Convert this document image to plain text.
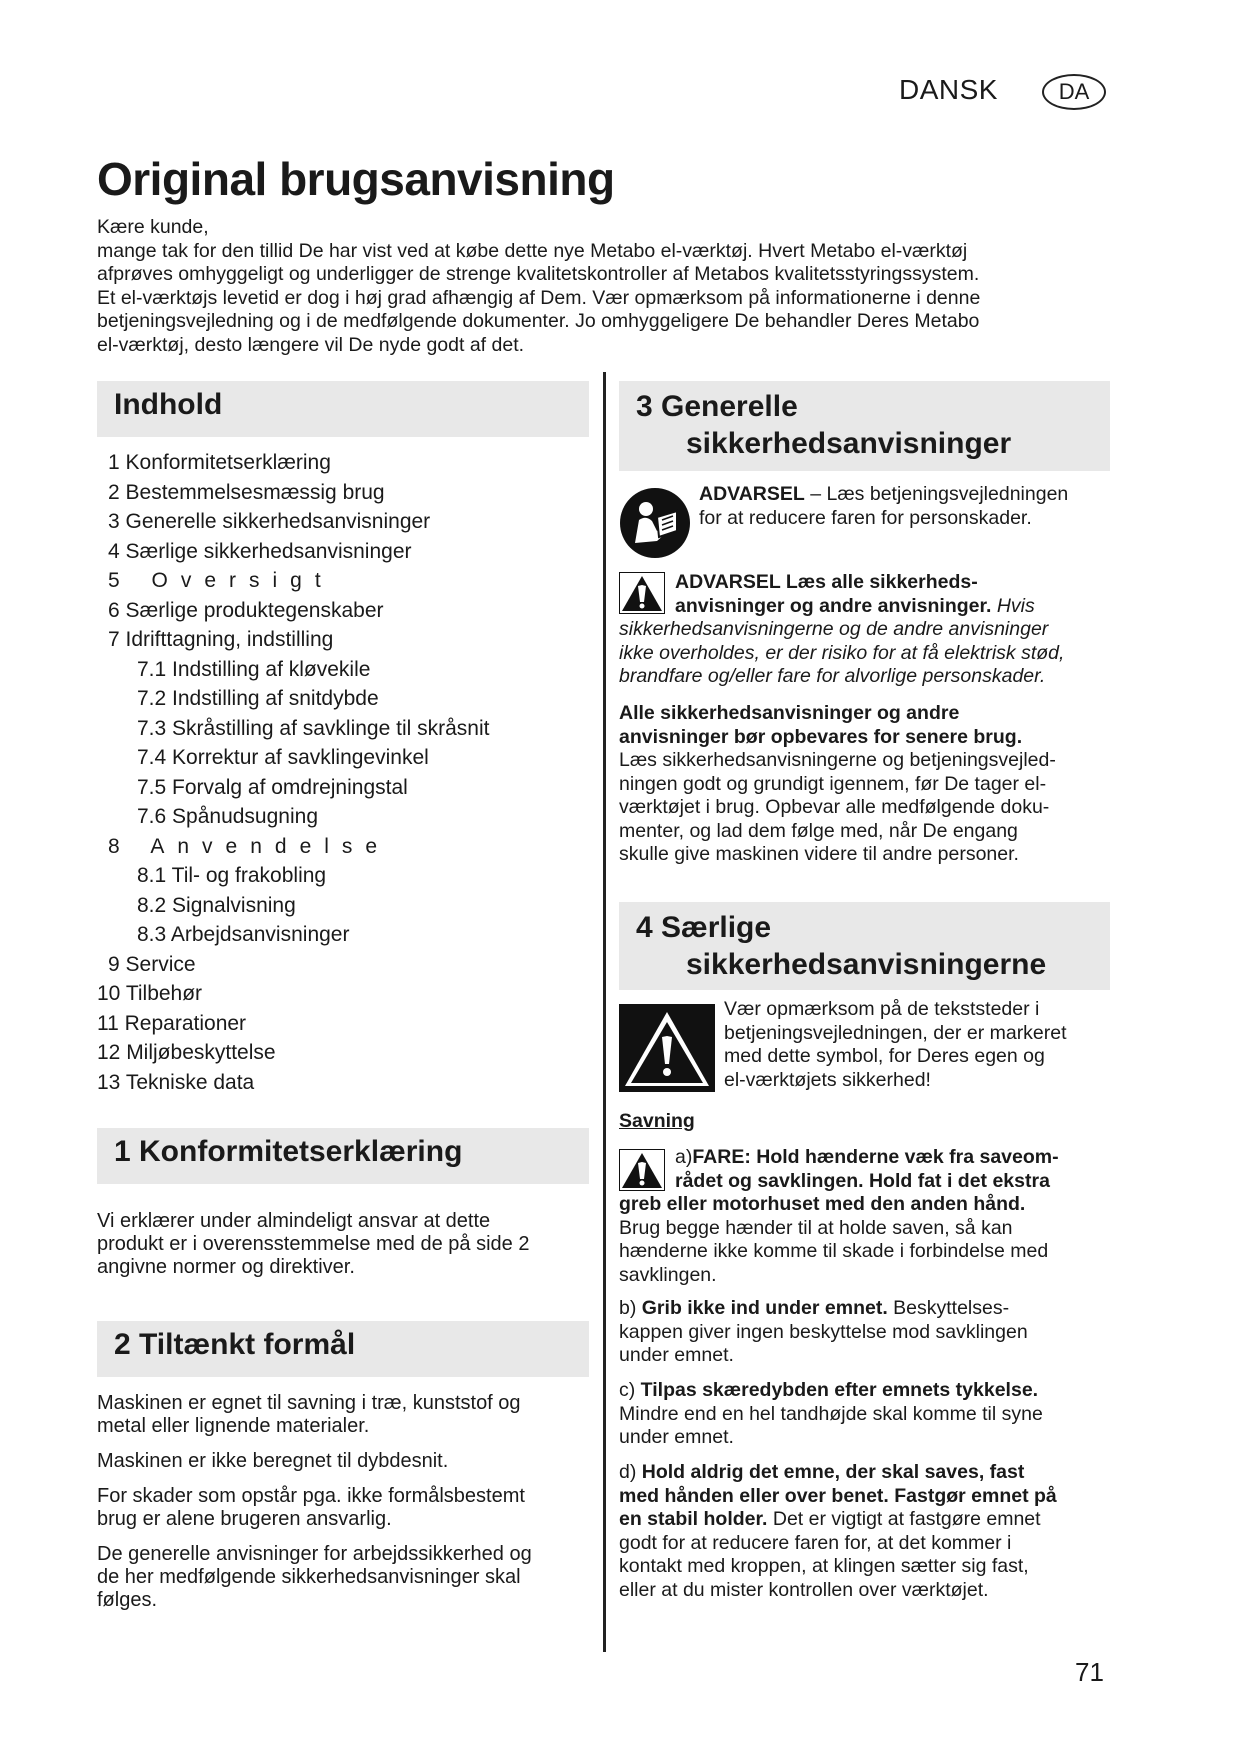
DANSK	DA
Original brugsanvisning
Kære kunde,
mange tak for den tillid De har vist ved at købe dette nye Metabo el-værktøj. Hvert Metabo el-værktøj
afprøves omhyggeligt og underligger de strenge kvalitetskontroller af Metabos kvalitetsstyringssystem.
Et el-værktøjs levetid er dog i høj grad afhængig af Dem. Vær opmærksom på informationerne i denne
betjeningsvejledning og i de medfølgende dokumenter. Jo omhyggeligere De behandler Deres Metabo
el-værktøj, desto længere vil De nyde godt af det.
Indhold
1 Konformitetserklæring
2 Bestemmelsesmæssig brug
3 Generelle sikkerhedsanvisninger
4 Særlige sikkerhedsanvisninger
5 Oversigt
6 Særlige produktegenskaber
7 Idrifttagning, indstilling
7.1 Indstilling af kløvekile
7.2 Indstilling af snitdybde
7.3 Skråstilling af savklinge til skråsnit
7.4 Korrektur af savklingevinkel
7.5 Forvalg af omdrejningstal
7.6 Spånudsugning
8 Anvendelse
8.1 Til- og frakobling
8.2 Signalvisning
8.3 Arbejdsanvisninger
9 Service
10 Tilbehør
11 Reparationer
12 Miljøbeskyttelse
13 Tekniske data
1 Konformitetserklæring
Vi erklærer under almindeligt ansvar at dette
produkt er i overensstemmelse med de på side 2
angivne normer og direktiver.
2 Tiltænkt formål
Maskinen er egnet til savning i træ, kunststof og
metal eller lignende materialer.
Maskinen er ikke beregnet til dybdesnit.
For skader som opstår pga. ikke formålsbestemt
brug er alene brugeren ansvarlig.
De generelle anvisninger for arbejdssikkerhed og
de her medfølgende sikkerhedsanvisninger skal
følges.
3 Generelle
sikkerhedsanvisninger
ADVARSEL – Læs betjeningsvejledningen
for at reducere faren for personskader.
ADVARSEL Læs alle sikkerheds-
anvisninger og andre anvisninger. Hvis
sikkerhedsanvisningerne og de andre anvisninger
ikke overholdes, er der risiko for at få elektrisk stød,
brandfare og/eller fare for alvorlige personskader.
Alle sikkerhedsanvisninger og andre
anvisninger bør opbevares for senere brug.
Læs sikkerhedsanvisningerne og betjeningsvejled-
ningen godt og grundigt igennem, før De tager el-
værktøjet i brug. Opbevar alle medfølgende doku-
menter, og lad dem følge med, når De engang
skulle give maskinen videre til andre personer.
4 Særlige
sikkerhedsanvisningerne
Vær opmærksom på de tekststeder i
betjeningsvejledningen, der er markeret
med dette symbol, for Deres egen og
el-værktøjets sikkerhed!
Savning
a)FARE: Hold hænderne væk fra saveom-
rådet og savklingen. Hold fat i det ekstra
greb eller motorhuset med den anden hånd.
Brug begge hænder til at holde saven, så kan
hænderne ikke komme til skade i forbindelse med
savklingen.
b) Grib ikke ind under emnet. Beskyttelses-
kappen giver ingen beskyttelse mod savklingen
under emnet.
c) Tilpas skæredybden efter emnets tykkelse.
Mindre end en hel tandhøjde skal komme til syne
under emnet.
d) Hold aldrig det emne, der skal saves, fast
med hånden eller over benet. Fastgør emnet på
en stabil holder. Det er vigtigt at fastgøre emnet
godt for at reducere faren for, at det kommer i
kontakt med kroppen, at klingen sætter sig fast,
eller at du mister kontrollen over værktøjet.
71
